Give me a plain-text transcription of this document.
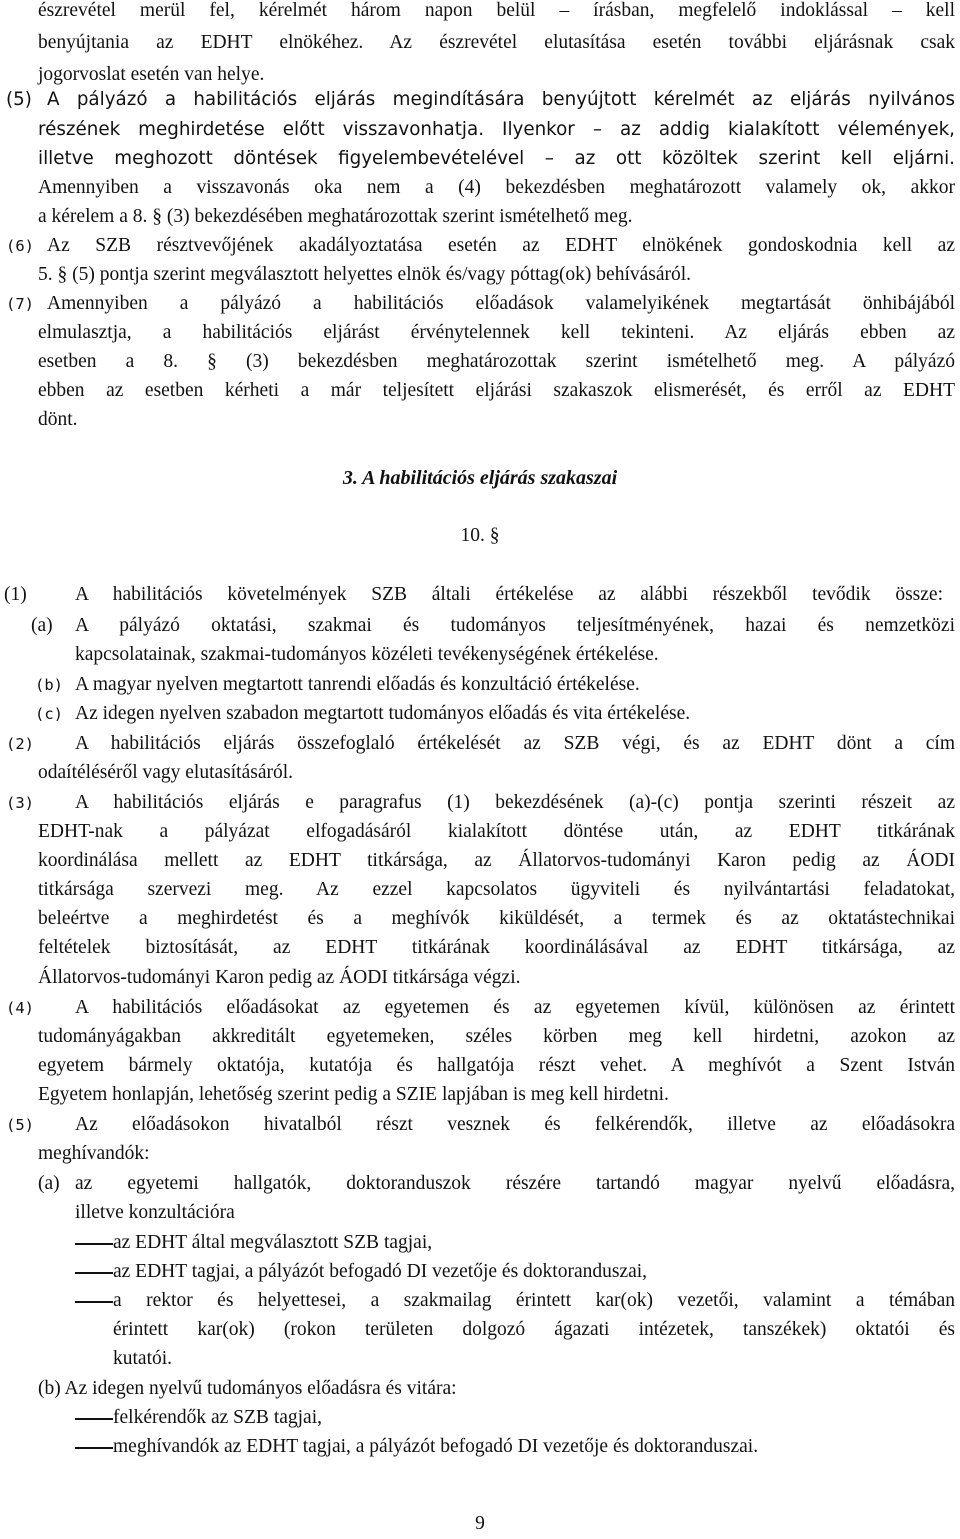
észrevétel merül fel, kérelmét három napon belül – írásban, megfelelő indoklással – kell
benyújtania az EDHT elnökéhez. Az észrevétel elutasítása esetén további eljárásnak csak
jogorvoslat esetén van helye.
(5) A pályázó a habilitációs eljárás megindítására benyújtott kérelmét az eljárás nyilvános
részének meghirdetése előtt visszavonhatja. Ilyenkor – az addig kialakított vélemények,
illetve meghozott döntések figyelembevételével – az ott közöltek szerint kell eljárni.
Amennyiben a visszavonás oka nem a (4) bekezdésben meghatározott valamely ok, akkor
a kérelem a 8. § (3) bekezdésében meghatározottak szerint ismételhető meg.
(6) Az SZB résztvevőjének akadályoztatása esetén az EDHT elnökének gondoskodnia kell az
5. § (5) pontja szerint megválasztott helyettes elnök és/vagy póttag(ok) behívásáról.
(7) Amennyiben a pályázó a habilitációs előadások valamelyikének megtartását önhibájából
elmulasztja, a habilitációs eljárást érvénytelennek kell tekinteni. Az eljárás ebben az
esetben a 8. § (3) bekezdésben meghatározottak szerint ismételhető meg. A pályázó
ebben az esetben kérheti a már teljesített eljárási szakaszok elismerését, és erről az EDHT
dönt.
3. A habilitációs eljárás szakaszai
10. §
(1) A habilitációs követelmények SZB általi értékelése az alábbi részekből tevődik össze:
(a) A pályázó oktatási, szakmai és tudományos teljesítményének, hazai és nemzetközi
kapcsolatainak, szakmai-tudományos közéleti tevékenységének értékelése.
(b) A magyar nyelven megtartott tanrendi előadás és konzultáció értékelése.
(c) Az idegen nyelven szabadon megtartott tudományos előadás és vita értékelése.
(2) A habilitációs eljárás összefoglaló értékelését az SZB végi, és az EDHT dönt a cím
odaítéléséről vagy elutasításáról.
(3) A habilitációs eljárás e paragrafus (1) bekezdésének (a)-(c) pontja szerinti részeit az
EDHT-nak a pályázat elfogadásáról kialakított döntése után, az EDHT titkárának
koordinálása mellett az EDHT titkársága, az Állatorvos-tudományi Karon pedig az ÁODI
titkársága szervezi meg. Az ezzel kapcsolatos ügyviteli és nyilvántartási feladatokat,
beleértve a meghirdetést és a meghívók kiküldését, a termek és az oktatástechnikai
feltételek biztosítását, az EDHT titkárának koordinálásával az EDHT titkársága, az
Állatorvos-tudományi Karon pedig az ÁODI titkársága végzi.
(4) A habilitációs előadásokat az egyetemen és az egyetemen kívül, különösen az érintett
tudományágakban akkreditált egyetemeken, széles körben meg kell hirdetni, azokon az
egyetem bármely oktatója, kutatója és hallgatója részt vehet. A meghívót a Szent István
Egyetem honlapján, lehetőség szerint pedig a SZIE lapjában is meg kell hirdetni.
(5) Az előadásokon hivatalból részt vesznek és felkérendők, illetve az előadásokra
meghívandók:
(a) az egyetemi hallgatók, doktoranduszok részére tartandó magyar nyelvű előadásra,
illetve konzultációra
az EDHT által megválasztott SZB tagjai,
az EDHT tagjai, a pályázót befogadó DI vezetője és doktoranduszai,
a rektor és helyettesei, a szakmailag érintett kar(ok) vezetői, valamint a témában
érintett kar(ok) (rokon területen dolgozó ágazati intézetek, tanszékek) oktatói és
kutatói.
(b) Az idegen nyelvű tudományos előadásra és vitára:
felkérendők az SZB tagjai,
meghívandók az EDHT tagjai, a pályázót befogadó DI vezetője és doktoranduszai.
9
